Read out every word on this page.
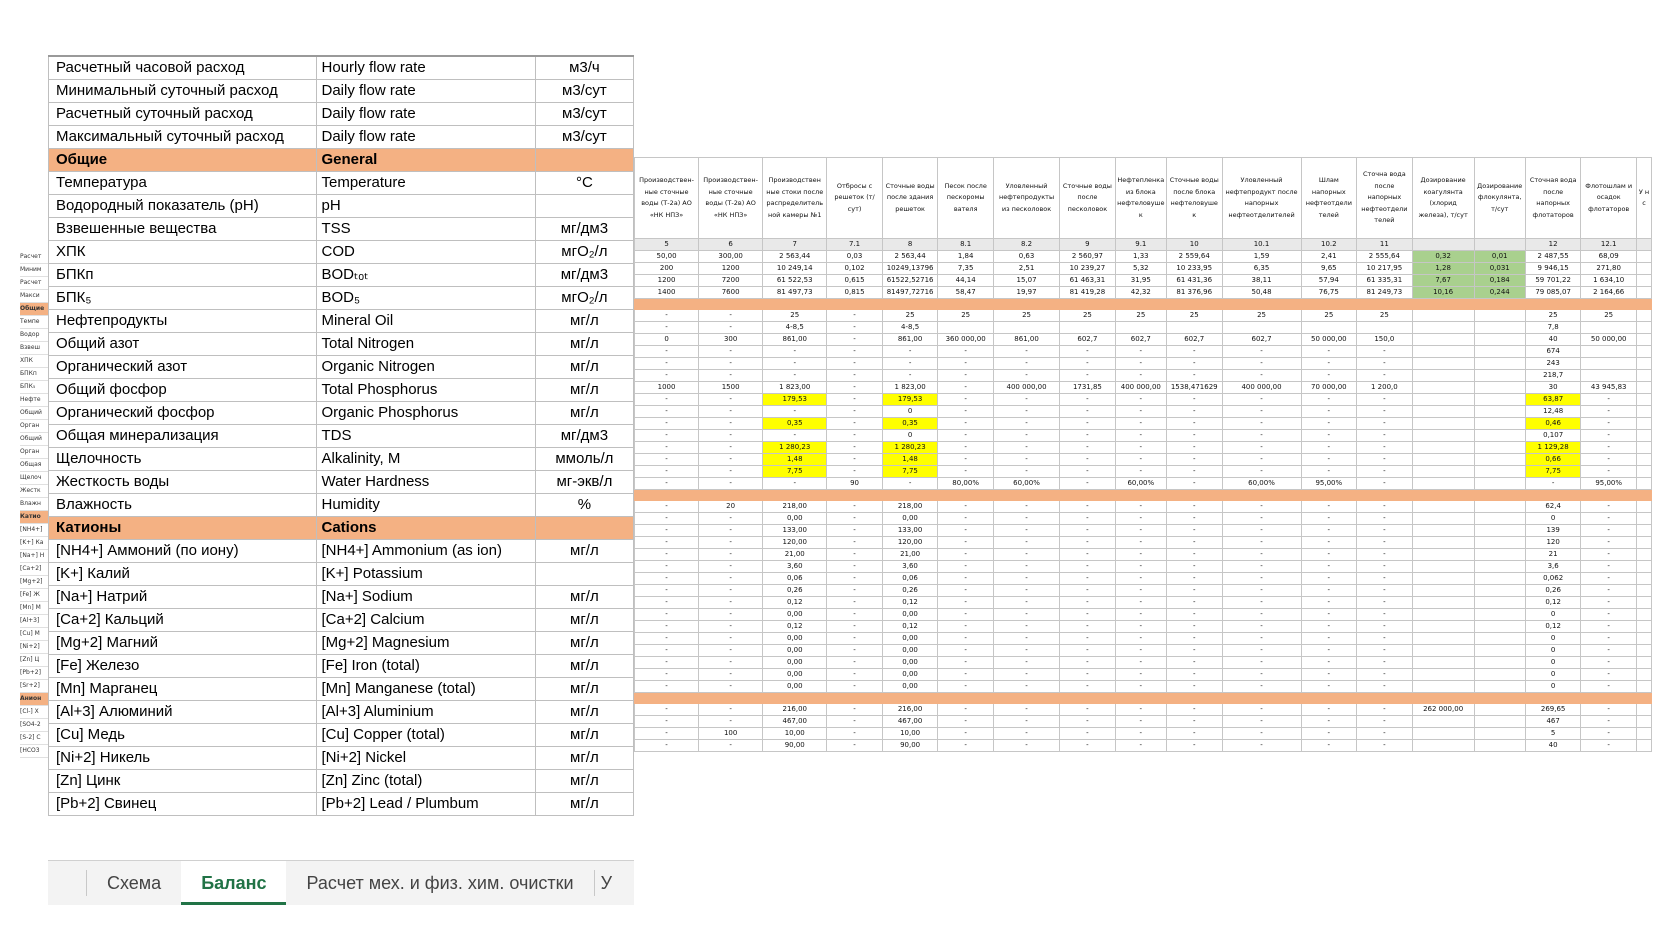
Расчет
Миним
Расчет
Макси
Общие
Темпе
Водор
Взвеш
ХПК
БПКп
БПК₅
Нефте
Общий
Орган
Общий
Орган
Общая
Щелоч
Жестк
Влажн
Катио
[NH4+]
[K+] Ка
[Na+] Н
[Ca+2]
[Mg+2]
[Fe] Ж
[Mn] М
[Al+3]
[Cu] М
[Ni+2]
[Zn] Ц
[Pb+2]
[Sr+2]
Анион
[Cl-] Х
[SO4-2
[S-2] С
[HCO3
Производствен-ные сточные воды (Т-2а) АО «НК НПЗ»	Производствен-ные сточные воды (Т-2в) АО «НК НПЗ»	Производствен ные стоки после распределитель ной камеры №1	Отбросы с решеток (т/сут)	Сточные воды после здания решеток	Песок после пескоромы вателя	Уловленный нефтепродукты из песколовок	Сточные воды после песколовок	Нефтепленка из блока нефтеловуше к	Сточные воды после блока нефтеловуше к	Уловленный нефтепродукт после напорных нефтеотделителей	Шлам напорных нефтеотдели телей	Сточна вода после напорных нефтеотдели телей	Дозирование коагулянта (хлорид железа), т/сут	Дозирование флокулянта, т/сут	Сточная вода после напорных флотаторов	Флотошлам и осадок флотаторов	У н с
5	6	7	7.1	8	8.1	8.2	9	9.1	10	10.1	10.2	11			12	12.1	
50,00	300,00	2 563,44	0,03	2 563,44	1,84	0,63	2 560,97	1,33	2 559,64	1,59	2,41	2 555,64	0,32	0,01	2 487,55	68,09	
200	1200	10 249,14	0,102	10249,13796	7,35	2,51	10 239,27	5,32	10 233,95	6,35	9,65	10 217,95	1,28	0,031	9 946,15	271,80	
1200	7200	61 522,53	0,615	61522,52716	44,14	15,07	61 463,31	31,95	61 431,36	38,11	57,94	61 335,31	7,67	0,184	59 701,22	1 634,10	
1400	7600	81 497,73	0,815	81497,72716	58,47	19,97	81 419,28	42,32	81 376,96	50,48	76,75	81 249,73	10,16	0,244	79 085,07	2 164,66	

-	-	25	-	25	25	25	25	25	25	25	25	25			25	25	
-	-	4-8,5	-	4-8,5											7,8		
0	300	861,00	-	861,00	360 000,00	861,00	602,7	602,7	602,7	602,7	50 000,00	150,0			40	50 000,00	
-	-	-	-	-	-	-	-	-	-	-	-	-			674		
-	-	-	-	-	-	-	-	-	-	-	-	-			243		
-	-	-	-	-	-	-	-	-	-	-	-	-			218,7		
1000	1500	1 823,00	-	1 823,00	-	400 000,00	1731,85	400 000,00	1538,471629	400 000,00	70 000,00	1 200,0			30	43 945,83	
-	-	179,53	-	179,53	-	-	-	-	-	-	-	-			63,87	-	
-	-	-	-	0	-	-	-	-	-	-	-	-			12,48	-	
-	-	0,35	-	0,35	-	-	-	-	-	-	-	-			0,46	-	
-	-	-	-	0	-	-	-	-	-	-	-	-			0,107	-	
-	-	1 280,23	-	1 280,23	-	-	-	-	-	-	-	-			1 129,28	-	
-	-	1,48	-	1,48	-	-	-	-	-	-	-	-			0,66	-	
-	-	7,75	-	7,75	-	-	-	-	-	-	-	-			7,75	-	
-	-	-	90	-	80,00%	60,00%	-	60,00%	-	60,00%	95,00%	-			-	95,00%	

-	20	218,00	-	218,00	-	-	-	-	-	-	-	-			62,4	-	
-	-	0,00	-	0,00	-	-	-	-	-	-	-	-			0	-	
-	-	133,00	-	133,00	-	-	-	-	-	-	-	-			139	-	
-	-	120,00	-	120,00	-	-	-	-	-	-	-	-			120	-	
-	-	21,00	-	21,00	-	-	-	-	-	-	-	-			21	-	
-	-	3,60	-	3,60	-	-	-	-	-	-	-	-			3,6	-	
-	-	0,06	-	0,06	-	-	-	-	-	-	-	-			0,062	-	
-	-	0,26	-	0,26	-	-	-	-	-	-	-	-			0,26	-	
-	-	0,12	-	0,12	-	-	-	-	-	-	-	-			0,12	-	
-	-	0,00	-	0,00	-	-	-	-	-	-	-	-			0	-	
-	-	0,12	-	0,12	-	-	-	-	-	-	-	-			0,12	-	
-	-	0,00	-	0,00	-	-	-	-	-	-	-	-			0	-	
-	-	0,00	-	0,00	-	-	-	-	-	-	-	-			0	-	
-	-	0,00	-	0,00	-	-	-	-	-	-	-	-			0	-	
-	-	0,00	-	0,00	-	-	-	-	-	-	-	-			0	-	
-	-	0,00	-	0,00	-	-	-	-	-	-	-	-			0	-	

-	-	216,00	-	216,00	-	-	-	-	-	-	-	-	262 000,00		269,65	-	
-	-	467,00	-	467,00	-	-	-	-	-	-	-	-			467	-	
-	100	10,00	-	10,00	-	-	-	-	-	-	-	-			5	-	
-	-	90,00	-	90,00	-	-	-	-	-	-	-	-			40	-	
Расчетный часовой расход	Hourly flow rate	м3/ч
Минимальный суточный расход	Daily flow rate	м3/сут
Расчетный суточный расход	Daily flow rate	м3/сут
Максимальный суточный расход	Daily flow rate	м3/сут
Общие	General	
Температура	Temperature	°C
Водородный показатель (pH)	pH	
Взвешенные вещества	TSS	мг/дм3
ХПК	COD	мгO₂/л
БПКп	BODₜₒₜ	мг/дм3
БПК₅	BOD₅	мгO₂/л
Нефтепродукты	Mineral Oil	мг/л
Общий азот	Total Nitrogen	мг/л
Органический азот	Organic Nitrogen	мг/л
Общий фосфор	Total Phosphorus	мг/л
Органический фосфор	Organic Phosphorus	мг/л
Общая минерализация	TDS	мг/дм3
Щелочность	Alkalinity, M	ммоль/л
Жесткость воды	Water Hardness	мг-экв/л
Влажность	Humidity	%
Катионы	Cations	
[NH4+] Аммоний (по иону)	[NH4+] Ammonium (as ion)	мг/л
[K+] Калий	[K+] Potassium	
[Na+] Натрий	[Na+] Sodium	мг/л
[Ca+2] Кальций	[Ca+2] Calcium	мг/л
[Mg+2] Магний	[Mg+2] Magnesium	мг/л
[Fe] Железо	[Fe] Iron (total)	мг/л
[Mn] Марганец	[Mn] Manganese (total)	мг/л
[Al+3] Алюминий	[Al+3] Aluminium	мг/л
[Cu] Медь	[Cu] Copper (total)	мг/л
[Ni+2] Никель	[Ni+2] Nickel	мг/л
[Zn] Цинк	[Zn] Zinc (total)	мг/л
[Pb+2] Свинец	[Pb+2] Lead / Plumbum	мг/л
Схема	Баланс	Расчет мех. и физ. хим. очистки	У
